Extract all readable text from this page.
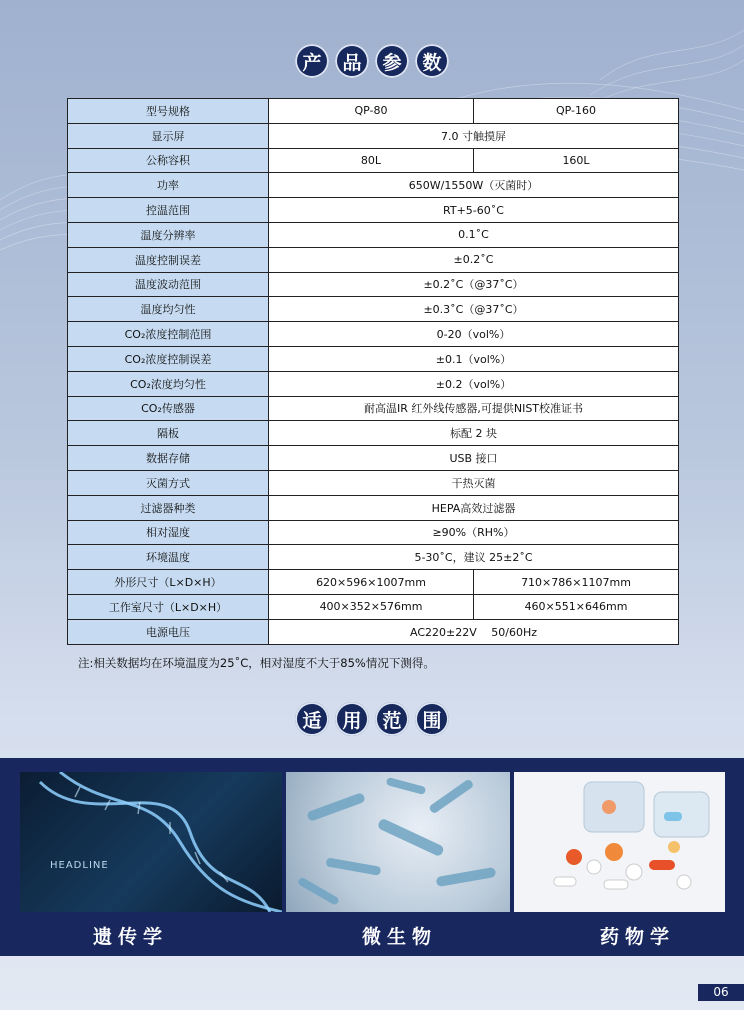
产	品	参	数
型号规格	QP-80	QP-160
显示屏	7.0 寸触摸屏	
公称容积	80L	160L
功率	650W/1550W（灭菌时）	
控温范围	RT+5-60˚C	
温度分辨率	0.1˚C	
温度控制误差	±0.2˚C	
温度波动范围	±0.2˚C（@37˚C）	
温度均匀性	±0.3˚C（@37˚C）	
CO₂浓度控制范围	0-20（vol%）	
CO₂浓度控制误差	±0.1（vol%）	
CO₂浓度均匀性	±0.2（vol%）	
CO₂传感器	耐高温IR 红外线传感器,可提供NIST校准证书	
隔板	标配 2 块	
数据存储	USB 接口	
灭菌方式	干热灭菌	
过滤器种类	HEPA高效过滤器	
相对湿度	≥90%（RH%）	
环境温度	5-30˚C，建议 25±2˚C	
外形尺寸（L×D×H）	620×596×1007mm	710×786×1107mm
工作室尺寸（L×D×H）	400×352×576mm	460×551×646mm
电源电压	AC220±22V　 50/60Hz	
注:相关数据均在环境温度为25˚C，相对湿度不大于85%情况下测得。
适	用	范	围
HEADLINE
遗传学	微生物	药物学
06
